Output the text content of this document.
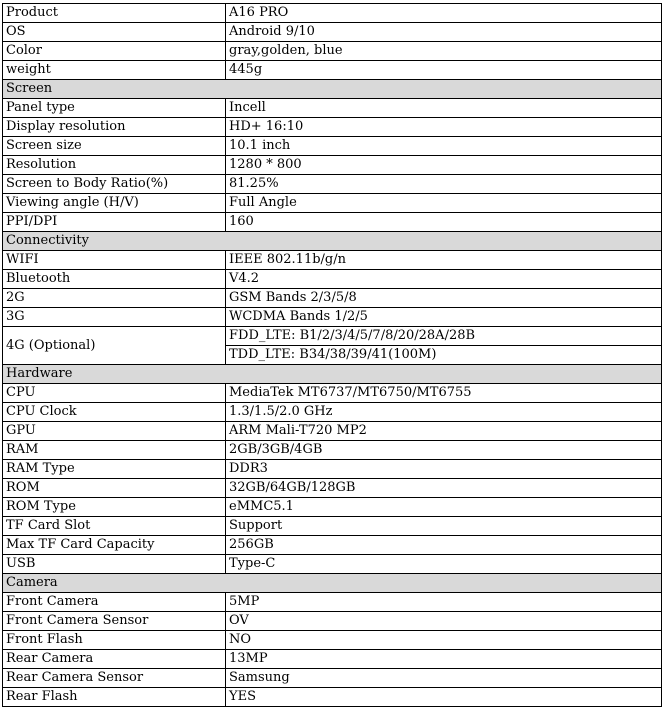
Product	A16 PRO
OS	Android 9/10
Color	gray,golden, blue
weight	445g
Screen	
Panel type	Incell
Display resolution	HD+ 16:10
Screen size	10.1 inch
Resolution	1280 * 800
Screen to Body Ratio(%)	81.25%
Viewing angle (H/V)	Full Angle
PPI/DPI	160
Connectivity	
WIFI	IEEE 802.11b/g/n
Bluetooth	V4.2
2G	GSM Bands 2/3/5/8
3G	WCDMA Bands 1/2/5
4G (Optional)	FDD_LTE: B1/2/3/4/5/7/8/20/28A/28B
	TDD_LTE: B34/38/39/41(100M)
Hardware	
CPU	MediaTek MT6737/MT6750/MT6755
CPU Clock	1.3/1.5/2.0 GHz
GPU	ARM Mali-T720 MP2
RAM	2GB/3GB/4GB
RAM Type	DDR3
ROM	32GB/64GB/128GB
ROM Type	eMMC5.1
TF Card Slot	Support
Max TF Card Capacity	256GB
USB	Type-C
Camera	
Front Camera	5MP
Front Camera Sensor	OV
Front Flash	NO
Rear Camera	13MP
Rear Camera Sensor	Samsung
Rear Flash	YES
